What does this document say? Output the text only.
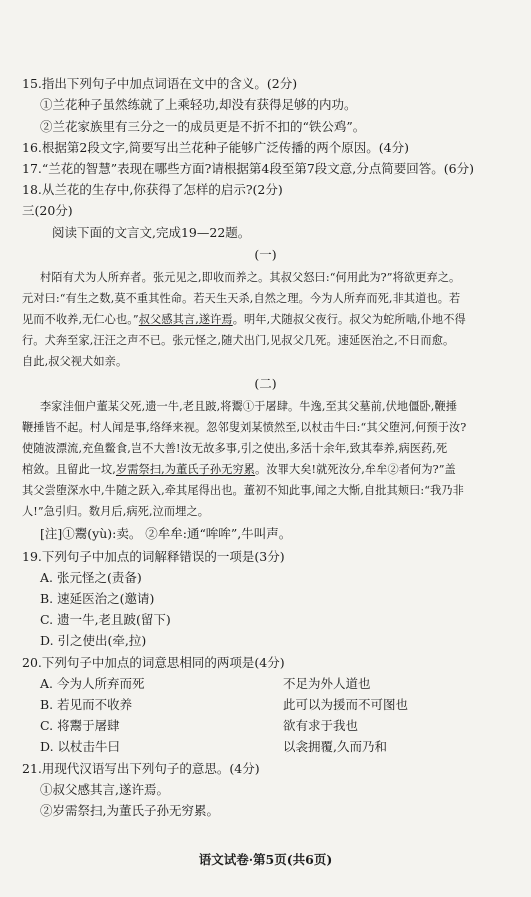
15.指出下列句子中加点词语在文中的含义。(2分)
①兰花种子虽然练就了上乘轻功,却没有获得足够的内功。
②兰花家族里有三分之一的成员更是不折不扣的“铁公鸡”。
16.根据第2段文字,简要写出兰花种子能够广泛传播的两个原因。(4分)
17.“兰花的智慧”表现在哪些方面?请根据第4段至第7段文意,分点简要回答。(6分)
18.从兰花的生存中,你获得了怎样的启示?(2分)
三(20分)
阅读下面的文言文,完成19—22题。
(一)
村陌有犬为人所弃者。张元见之,即收而养之。其叔父怒曰:“何用此为?”将欲更弃之。
元对曰:“有生之数,莫不重其性命。若天生天杀,自然之理。今为人所弃而死,非其道也。若
见而不收养,无仁心也。”叔父感其言,遂许焉。明年,犬随叔父夜行。叔父为蛇所啮,仆地不得
行。犬奔至家,汪汪之声不已。张元怪之,随犬出门,见叔父几死。速延医治之,不日而愈。
自此,叔父视犬如亲。
(二)
李家洼佃户董某父死,遗一牛,老且跛,将鬻①于屠肆。牛逸,至其父墓前,伏地僵卧,鞭捶
鞭捶皆不起。村人闻是事,络绎来视。忽邻叟刘某愤然至,以杖击牛曰:“其父堕河,何预于汝?
使随波漂流,充鱼鳖食,岂不大善!汝无故多事,引之使出,多活十余年,致其奉养,病医药,死
棺敛。且留此一坟,岁需祭扫,为董氏子孙无穷累。汝罪大矣!就死汝分,牟牟②者何为?”盖
其父尝堕深水中,牛随之跃入,牵其尾得出也。董初不知此事,闻之大惭,自批其颊曰:“我乃非
人!”急引归。数月后,病死,泣而埋之。
[注]①鬻(yù):卖。 ②牟牟:通“哞哞”,牛叫声。
19.下列句子中加点的词解释错误的一项是(3分)
A. 张元怪之(责备)
B. 速延医治之(邀请)
C. 遗一牛,老且跛(留下)
D. 引之使出(牵,拉)
20.下列句子中加点的词意思相同的两项是(4分)
A. 今为人所弃而死	不足为外人道也
B. 若见而不收养	此可以为援而不可图也
C. 将鬻于屠肆	欲有求于我也
D. 以杖击牛曰	以衾拥覆,久而乃和
21.用现代汉语写出下列句子的意思。(4分)
①叔父感其言,遂许焉。
②岁需祭扫,为董氏子孙无穷累。
语文试卷·第5页(共6页)
